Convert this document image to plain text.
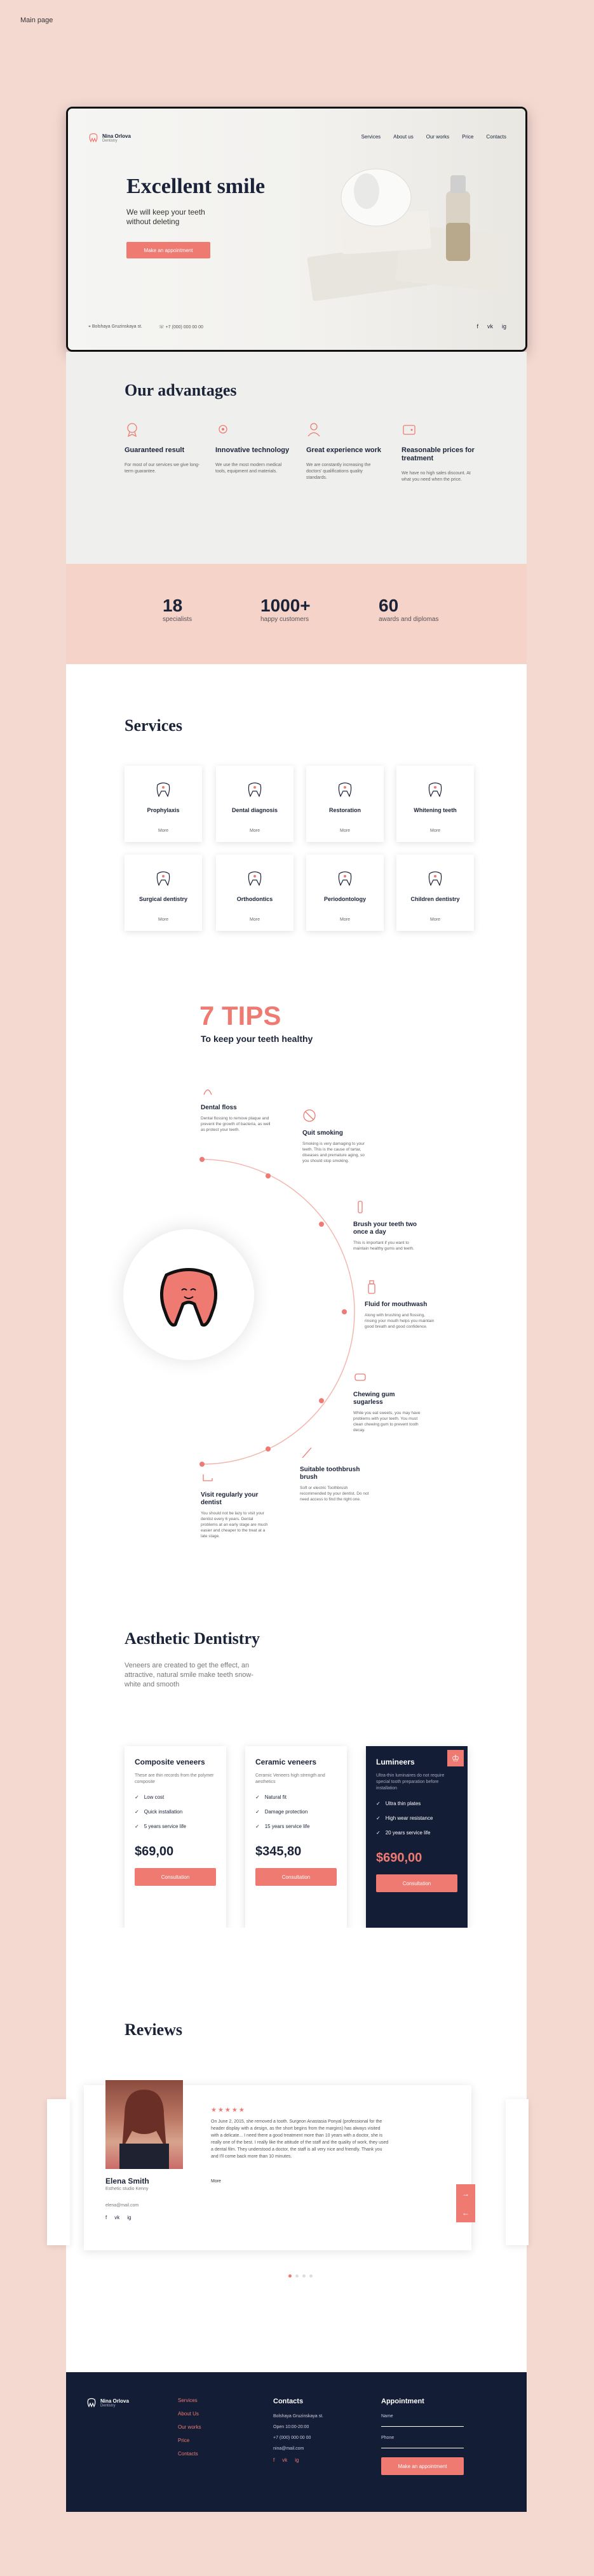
Main page
Nina Orlova
Dentistry
Services	About us	Our works	Price	Contacts
Excellent smile
We will keep your teeth without deleting
Make an appointment
⌖ Bolshaya Gruzinskaya st.	☏ +7 (000) 000 00 00	f vk ig
Our advantages
Guaranteed result
For most of our services we give long-term guarantee.
Innovative technology
We use the most modern medical tools, equipment and materials.
Great experience work
We are constantly increasing the doctors' qualifications quality standards.
Reasonable prices for treatment
We have no high sales discount. At what you need when the price.
18
specialists
1000+
happy customers
60
awards and diplomas
Services
Prophylaxis
More
Dental diagnosis
More
Restoration
More
Whitening teeth
More
Surgical dentistry
More
Orthodontics
More
Periodontology
More
Children dentistry
More
7 TIPS
To keep your teeth healthy
Dental floss
Dental flossing to remove plaque and prevent the growth of bacteria, as well as protect your teeth.	Quit smoking
Smoking is very damaging to your teeth. This is the cause of tartar, diseases and premature aging, so you should stop smoking.
Brush your teeth two once a day
This is important if you want to maintain healthy gums and teeth.
Fluid for mouthwash
Along with brushing and flossing, rinsing your mouth helps you maintain good breath and good confidence.
Chewing gum sugarless
While you eat sweets, you may have problems with your teeth. You must clean chewing gum to prevent tooth decay.
Suitable toothbrush brush
Soft or electric Toothbrush recommended by your dentist. Do not need access to find the right one.
Visit regularly your dentist
You should not be lazy to visit your dentist every 6 years. Dental problems at an early stage are much easier and cheaper to the treat at a late stage.
Aesthetic Dentistry
Veneers are created to get the effect, an attractive, natural smile make teeth snow-white and smooth
Composite veneers
These are thin records from the polymer composite
✓ Low cost
✓ Quick installation
✓ 5 years service life
$69,00
Consultation
Ceramic veneers
Ceramic Veneers high strength and aesthetics
✓ Natural fit
✓ Damage protection
✓ 15 years service life
$345,80
Consultation
♔
Lumineers
Ultra-thin luminaires do not require special tooth preparation before installation
✓ Ultra thin plates
✓ High wear resistance
✓ 20 years service life
$690,00
Consultation
Reviews
Elena Smith
Esthetic studio Kenny
elena@mail.com
f vk ig
★★★★★
On June 2, 2015, she removed a tooth. Surgeon Anastasia Ponyal (professional for the header display with a design, as the short begins from the margins) has always visited with a delicate... I need there a good treatment more than 10 years with a doctor, she is really one of the best. I really like the attitude of the staff and the quality of work, they used a dental film. They understood a doctor, the staff is all very nice and friendly. Thank you and I'll come back more than 10 minutes.
More
→
←
Nina Orlova
Dentistry
Services
About Us
Our works
Price
Contacts
Contacts
Bolshaya Gruzinskaya st.
Open 10:00-20:00
+7 (000) 000 00 00
nina@mail.com
f vk ig
Appointment
Name
Phone
Make an appointment
